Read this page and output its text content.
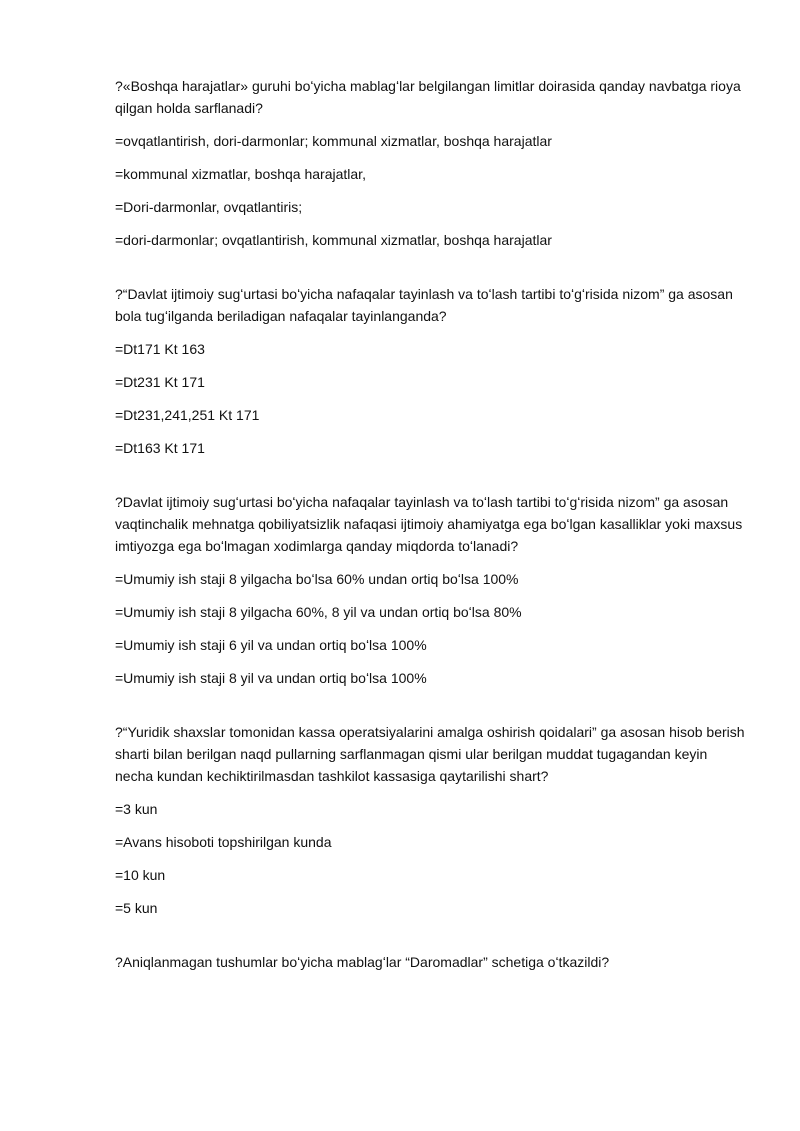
?«Boshqa harajatlar» guruhi boʻyicha mablagʻlar belgilangan limitlar doirasida qanday navbatga rioya qilgan holda sarflanadi?

=ovqatlantirish, dori-darmonlar; kommunal xizmatlar, boshqa harajatlar

=kommunal xizmatlar, boshqa harajatlar,

=Dori-darmonlar, ovqatlantiris;

=dori-darmonlar; ovqatlantirish, kommunal xizmatlar, boshqa harajatlar

?“Davlat ijtimoiy sugʻurtasi boʻyicha nafaqalar tayinlash va toʻlash tartibi toʻgʻrisida nizom” ga asosan bola tugʻilganda beriladigan nafaqalar tayinlanganda?

=Dt171 Kt 163

=Dt231 Kt 171

=Dt231,241,251 Kt 171

=Dt163 Kt 171

?Davlat ijtimoiy sugʻurtasi boʻyicha nafaqalar tayinlash va toʻlash tartibi toʻgʻrisida nizom” ga asosan vaqtinchalik mehnatga qobiliyatsizlik nafaqasi ijtimoiy ahamiyatga ega boʻlgan kasalliklar yoki maxsus imtiyozga ega boʻlmagan xodimlarga qanday miqdorda toʻlanadi?

=Umumiy ish staji 8 yilgacha boʻlsa 60% undan ortiq boʻlsa 100%

=Umumiy ish staji 8 yilgacha 60%, 8 yil va undan ortiq boʻlsa 80%

=Umumiy ish staji 6 yil va undan ortiq boʻlsa 100%

=Umumiy ish staji 8 yil va undan ortiq boʻlsa 100%

?“Yuridik shaxslar tomonidan kassa operatsiyalarini amalga oshirish qoidalari” ga asosan hisob berish sharti bilan berilgan naqd pullarning sarflanmagan qismi ular berilgan muddat tugagandan keyin necha kundan kechiktirilmasdan tashkilot kassasiga qaytarilishi shart?

=3 kun

=Avans hisoboti topshirilgan kunda

=10 kun

=5 kun

?Aniqlanmagan tushumlar boʻyicha mablagʻlar “Daromadlar” schetiga oʻtkazildi?
